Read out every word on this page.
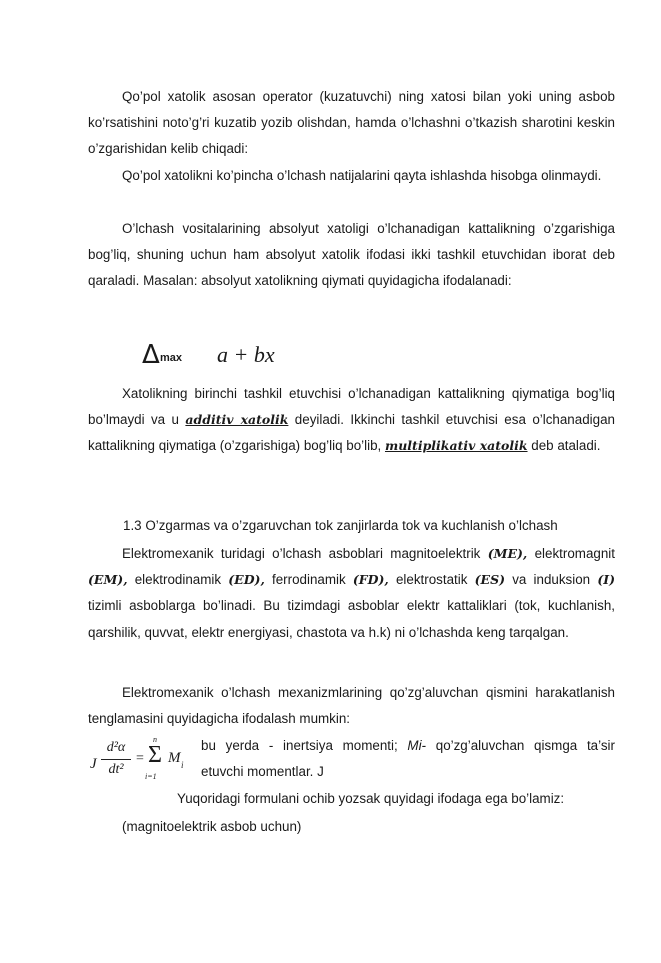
Qo’pol xatolik asosan operator (kuzatuvchi) ning xatosi bilan yoki uning asbob ko’rsatishini noto’g’ri kuzatib yozib olishdan, hamda o’lchashni o’tkazish sharotini keskin o’zgarishidan kelib chiqadi:

Qo’pol xatolikni ko’pincha o’lchash natijalarini qayta ishlashda hisobga olinmaydi.

O’lchash vositalarining absolyut xatoligi o’lchanadigan kattalikning o’zgarishiga bog’liq, shuning uchun ham absolyut xatolik ifodasi ikki tashkil etuvchidan iborat deb qaraladi. Masalan: absolyut xatolikning qiymati quyidagicha ifodalanadi:

Δ max a + bx

Xatolikning birinchi tashkil etuvchisi o’lchanadigan kattalikning qiymatiga bog’liq bo’lmaydi va u additiv xatolik deyiladi. Ikkinchi tashkil etuvchisi esa o’lchanadigan kattalikning qiymatiga (o’zgarishiga) bog’liq bo’lib, multiplikativ xatolik deb ataladi.

1.3 O’zgarmas va o’zgaruvchan tok zanjirlarda tok va kuchlanish o’lchash

Elektromexanik turidagi o’lchash asboblari magnitoelektrik (ME), elektromagnit (EM), elektrodinamik (ED), ferrodinamik (FD), elektrostatik (ES) va induksion (I) tizimli asboblarga bo’linadi. Bu tizimdagi asboblar elektr kattaliklari (tok, kuchlanish, qarshilik, quvvat, elektr energiyasi, chastota va h.k) ni o’lchashda keng tarqalgan.

Elektromexanik o’lchash mexanizmlarining qo’zg’aluvchan qismini harakatlanish tenglamasini quyidagicha ifodalash mumkin:

J
d²α
dt²
=
n
Σ
i=1
M i
bu yerda - inertsiya momenti; Mi- qo’zg’aluvchan qismga ta’sir
etuvchi momentlar. J
Yuqoridagi formulani ochib yozsak quyidagi ifodaga ega bo’lamiz:
(magnitoelektrik asbob uchun)
